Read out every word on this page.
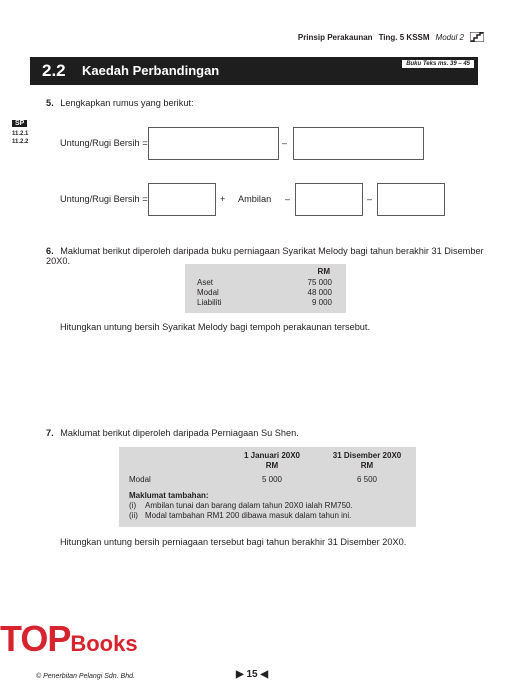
Prinsip Perakaunan Ting. 5 KSSM Modul 2
2.2 Kaedah Perbandingan	Buku Teks ms. 39 – 45
SP
11.2.1
11.2.2
5. Lengkapkan rumus yang berikut:
Untung/Rugi Bersih =	–
Untung/Rugi Bersih =	+ Ambilan –	–
6. Maklumat berikut diperoleh daripada buku perniagaan Syarikat Melody bagi tahun berakhir 31 Disember 20X0.
RM
Aset	75 000
Modal	48 000
Liabiliti	9 000
Hitungkan untung bersih Syarikat Melody bagi tempoh perakaunan tersebut.
7. Maklumat berikut diperoleh daripada Perniagaan Su Shen.
1 Januari 20X0
RM
31 Disember 20X0
RM
Modal	5 000	6 500
Maklumat tambahan:
(i) Ambilan tunai dan barang dalam tahun 20X0 ialah RM750.
(ii) Modal tambahan RM1 200 dibawa masuk dalam tahun ini.
Hitungkan untung bersih perniagaan tersebut bagi tahun berakhir 31 Disember 20X0.
TOPBooks
© Penerbitan Pelangi Sdn. Bhd.	▶ 15 ◀
